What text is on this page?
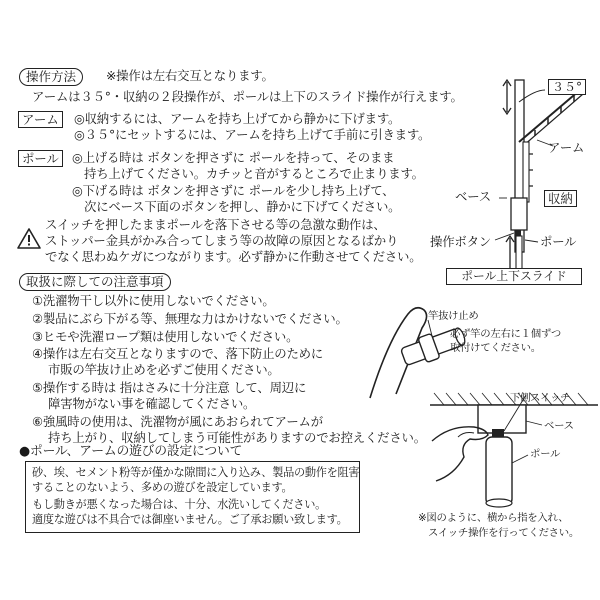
操作方法	※操作は左右交互となります。
アームは３５°・収納の２段操作が、ポールは上下のスライド操作が行えます。
アーム	◎収納するには、アームを持ち上げてから静かに下げます。
◎３５°にセットするには、アームを持ち上げて手前に引きます。
ポール	◎上げる時は ボタンを押さずに ポールを持って、そのまま
持ち上げてください。カチッと音がするところで止まります。
◎下げる時は ボタンを押さずに ポールを少し持ち上げて、
次にベース下面のボタンを押し、静かに下げてください。
スイッチを押したままポールを落下させる等の急激な動作は、
ストッパー金具がかみ合ってしまう等の故障の原因となるばかり
でなく思わぬケガにつながります。必ず静かに作動させてください。
３５°
アーム
収納
ベース
操作ボタン	ポール
ポール上下スライド
取扱に際しての注意事項
①洗濯物干し以外に使用しないでください。
②製品にぶら下がる等、無理な力はかけないでください。
③ヒモや洗濯ロープ類は使用しないでください。
④操作は左右交互となりますので、落下防止のために
市販の竿抜け止めを必ずご使用ください。
⑤操作する時は 指はさみに十分注意 して、周辺に
障害物がない事を確認してください。
⑥強風時の使用は、洗濯物が風にあおられてアームが
持ち上がり、収納してしまう可能性がありますのでお控えください。
竿抜け止め
必ず竿の左右に１個ずつ
取付けてください。
●ポール、アームの遊びの設定について
砂、埃、セメント粉等が僅かな隙間に入り込み、製品の動作を阻害
することのないよう、多めの遊びを設定しています。
もし動きが悪くなった場合は、十分、水洗いしてください。
適度な遊びは不具合では御座いません。ご了承お願い致します。
下側スイッチ
ベース
ポール
※図のように、横から指を入れ、
スイッチ操作を行ってください。
